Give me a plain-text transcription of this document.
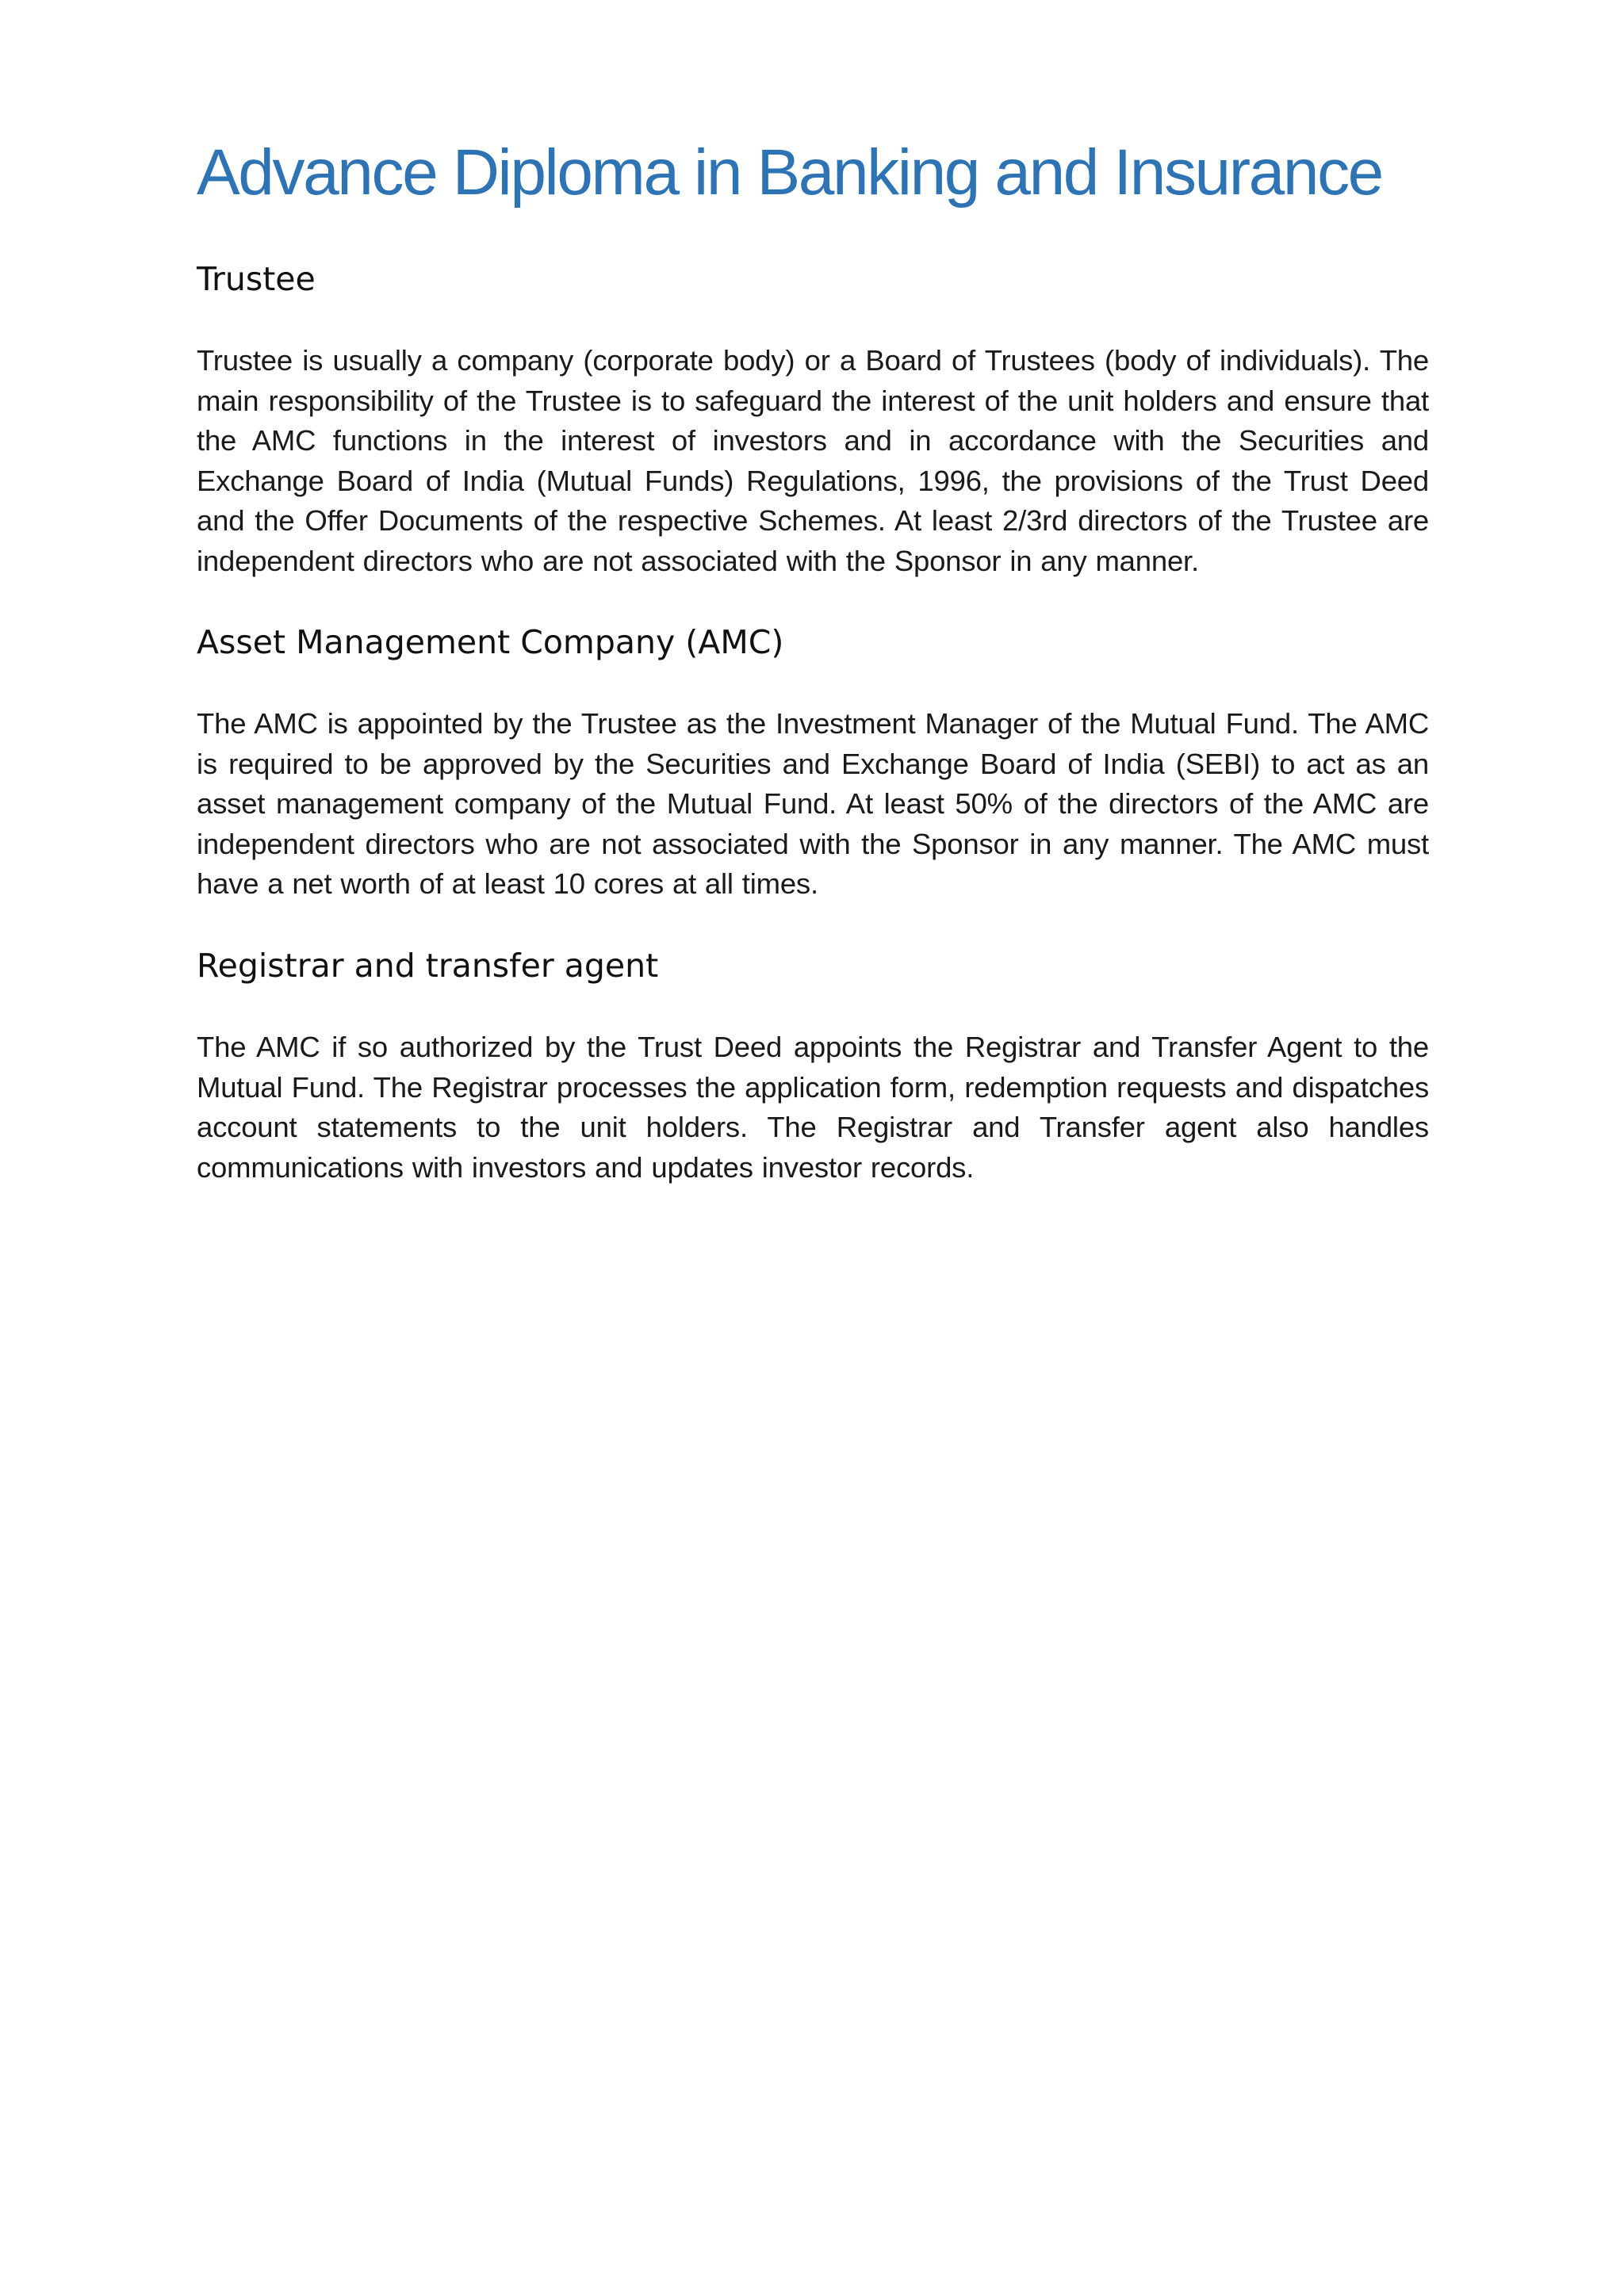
Advance Diploma in Banking and Insurance
Trustee

Trustee is usually a company (corporate body) or a Board of Trustees (body of individuals). The main responsibility of the Trustee is to safeguard the interest of the unit holders and ensure that the AMC functions in the interest of investors and in accordance with the Securities and Exchange Board of India (Mutual Funds) Regulations, 1996, the provisions of the Trust Deed and the Offer Documents of the respective Schemes. At least 2/3rd directors of the Trustee are independent directors who are not associated with the Sponsor in any manner.

Asset Management Company (AMC)

The AMC is appointed by the Trustee as the Investment Manager of the Mutual Fund. The AMC is required to be approved by the Securities and Exchange Board of India (SEBI) to act as an asset management company of the Mutual Fund. At least 50% of the directors of the AMC are independent directors who are not associated with the Sponsor in any manner. The AMC must have a net worth of at least 10 cores at all times.

Registrar and transfer agent

The AMC if so authorized by the Trust Deed appoints the Registrar and Transfer Agent to the Mutual Fund. The Registrar processes the application form, redemption requests and dispatches account statements to the unit holders. The Registrar and Transfer agent also handles communications with investors and updates investor records.
